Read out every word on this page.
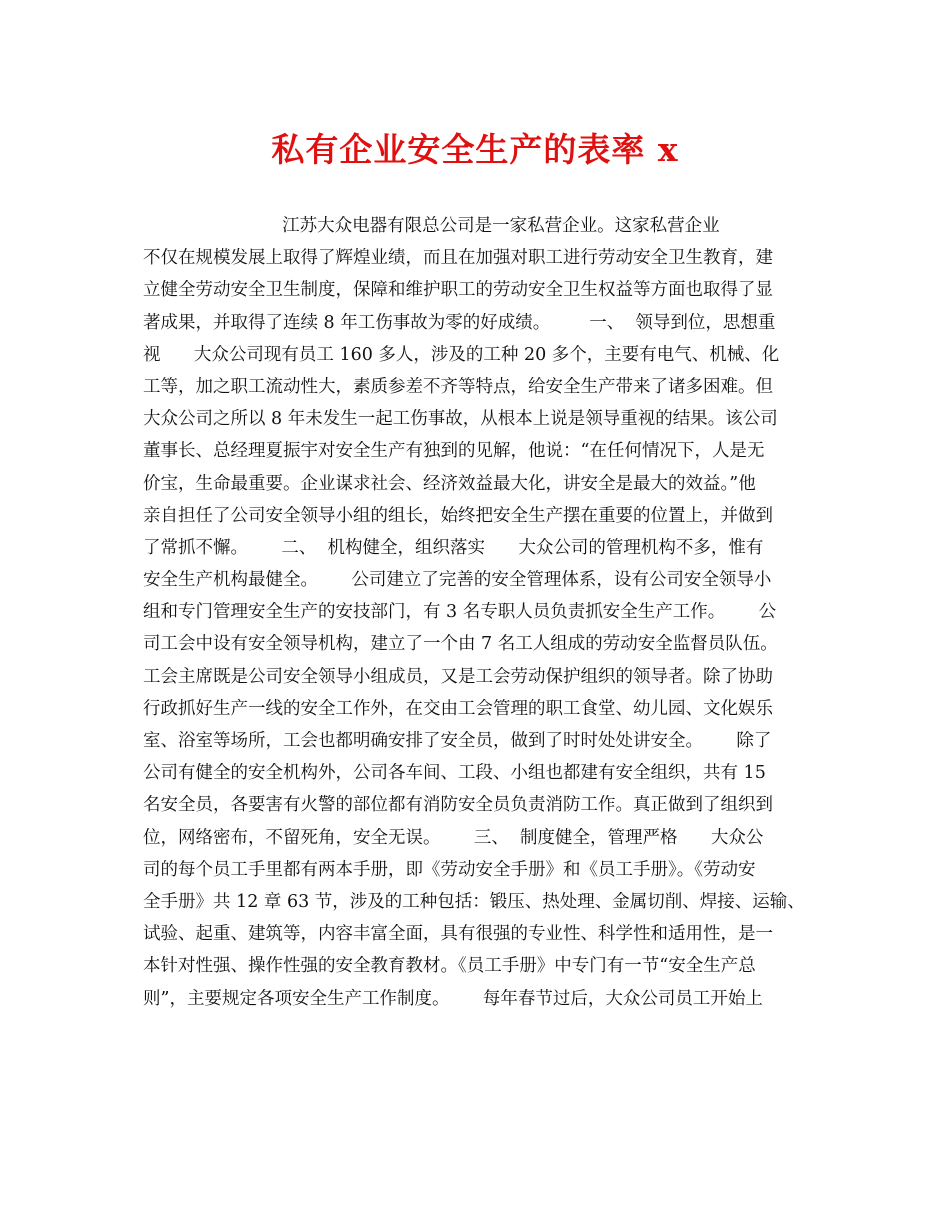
私有企业安全生产的表率 x
江苏大众电器有限总公司是一家私营企业。这家私营企业
不仅在规模发展上取得了辉煌业绩，而且在加强对职工进行劳动安全卫生教育，建
立健全劳动安全卫生制度，保障和维护职工的劳动安全卫生权益等方面也取得了显
著成果，并取得了连续 8 年工伤事故为零的好成绩。       一、  领导到位，思想重
视      大众公司现有员工 160 多人，涉及的工种 20 多个，主要有电气、机械、化
工等，加之职工流动性大，素质参差不齐等特点，给安全生产带来了诸多困难。但
大众公司之所以 8 年未发生一起工伤事故，从根本上说是领导重视的结果。该公司
董事长、总经理夏振宇对安全生产有独到的见解，他说：“在任何情况下，人是无
价宝，生命最重要。企业谋求社会、经济效益最大化，讲安全是最大的效益。”他
亲自担任了公司安全领导小组的组长，始终把安全生产摆在重要的位置上，并做到
了常抓不懈。      二、  机构健全，组织落实      大众公司的管理机构不多，惟有
安全生产机构最健全。      公司建立了完善的安全管理体系，设有公司安全领导小
组和专门管理安全生产的安技部门，有 3 名专职人员负责抓安全生产工作。      公
司工会中设有安全领导机构，建立了一个由 7 名工人组成的劳动安全监督员队伍。
工会主席既是公司安全领导小组成员，又是工会劳动保护组织的领导者。除了协助
行政抓好生产一线的安全工作外，在交由工会管理的职工食堂、幼儿园、文化娱乐
室、浴室等场所，工会也都明确安排了安全员，做到了时时处处讲安全。      除了
公司有健全的安全机构外，公司各车间、工段、小组也都建有安全组织，共有 15
名安全员，各要害有火警的部位都有消防安全员负责消防工作。真正做到了组织到
位，网络密布，不留死角，安全无误。      三、  制度健全，管理严格      大众公
司的每个员工手里都有两本手册，即《劳动安全手册》和《员工手册》。《劳动安
全手册》共 12 章 63 节，涉及的工种包括：锻压、热处理、金属切削、焊接、运输、
试验、起重、建筑等，内容丰富全面，具有很强的专业性、科学性和适用性，是一
本针对性强、操作性强的安全教育教材。《员工手册》中专门有一节“安全生产总
则”，主要规定各项安全生产工作制度。      每年春节过后，大众公司员工开始上
